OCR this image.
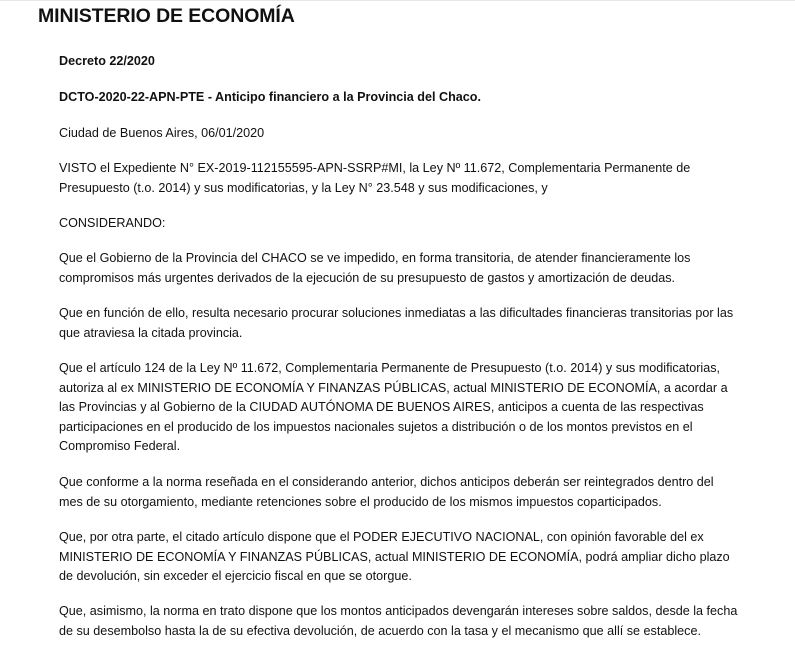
MINISTERIO DE ECONOMÍA

Decreto 22/2020

DCTO-2020-22-APN-PTE - Anticipo financiero a la Provincia del Chaco.

Ciudad de Buenos Aires, 06/01/2020

VISTO el Expediente N° EX-2019-112155595-APN-SSRP#MI, la Ley Nº 11.672, Complementaria Permanente de Presupuesto (t.o. 2014) y sus modificatorias, y la Ley N° 23.548 y sus modificaciones, y

CONSIDERANDO:

Que el Gobierno de la Provincia del CHACO se ve impedido, en forma transitoria, de atender financieramente los compromisos más urgentes derivados de la ejecución de su presupuesto de gastos y amortización de deudas.

Que en función de ello, resulta necesario procurar soluciones inmediatas a las dificultades financieras transitorias por las que atraviesa la citada provincia.

Que el artículo 124 de la Ley Nº 11.672, Complementaria Permanente de Presupuesto (t.o. 2014) y sus modificatorias, autoriza al ex MINISTERIO DE ECONOMÍA Y FINANZAS PÚBLICAS, actual MINISTERIO DE ECONOMÍA, a acordar a las Provincias y al Gobierno de la CIUDAD AUTÓNOMA DE BUENOS AIRES, anticipos a cuenta de las respectivas participaciones en el producido de los impuestos nacionales sujetos a distribución o de los montos previstos en el Compromiso Federal.

Que conforme a la norma reseñada en el considerando anterior, dichos anticipos deberán ser reintegrados dentro del mes de su otorgamiento, mediante retenciones sobre el producido de los mismos impuestos coparticipados.

Que, por otra parte, el citado artículo dispone que el PODER EJECUTIVO NACIONAL, con opinión favorable del ex MINISTERIO DE ECONOMÍA Y FINANZAS PÚBLICAS, actual MINISTERIO DE ECONOMÍA, podrá ampliar dicho plazo de devolución, sin exceder el ejercicio fiscal en que se otorgue.

Que, asimismo, la norma en trato dispone que los montos anticipados devengarán intereses sobre saldos, desde la fecha de su desembolso hasta la de su efectiva devolución, de acuerdo con la tasa y el mecanismo que allí se establece.
